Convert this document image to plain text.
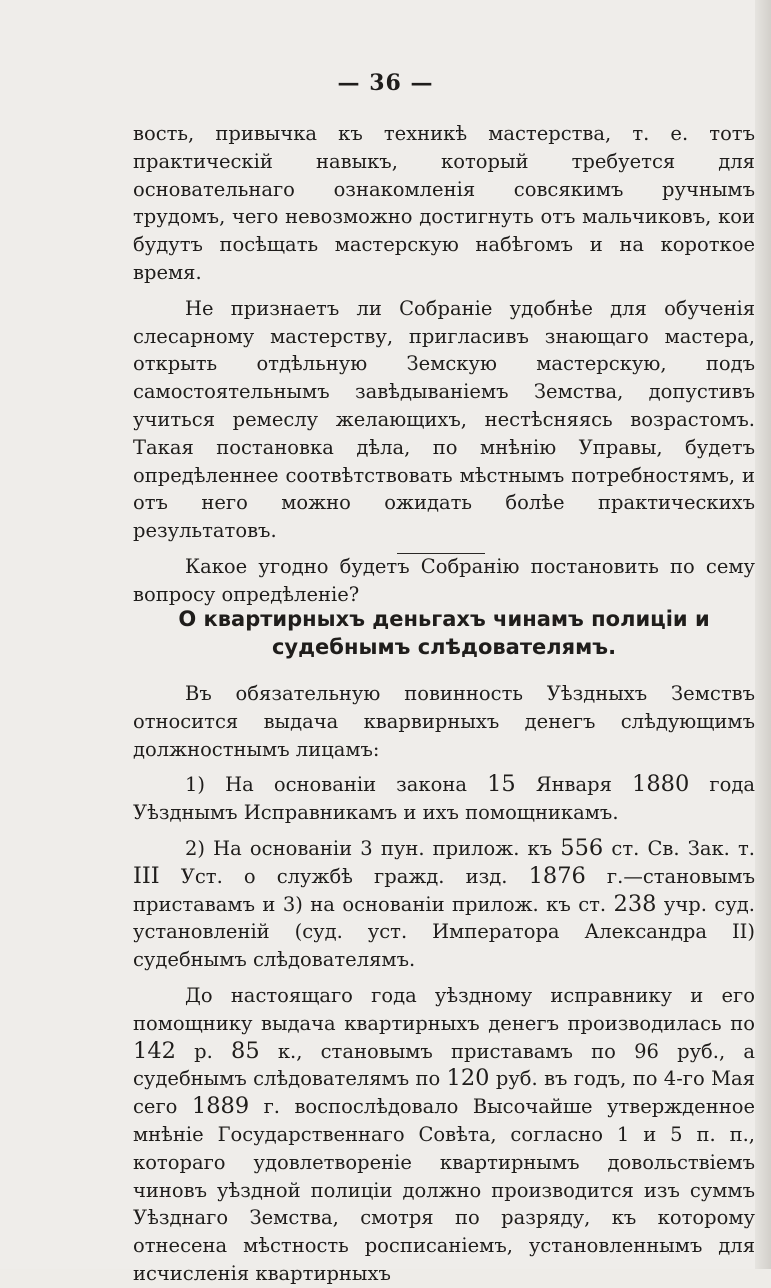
— 36 —

вость, привычка къ техникѣ мастерства, т. е. тотъ практическій навыкъ, который требуется для основательнаго ознакомленія совсякимъ ручнымъ трудомъ, чего невозможно достигнуть отъ мальчиковъ, кои будутъ посѣщать мастерскую набѣгомъ и на короткое время.

Не признаетъ ли Собраніе удобнѣе для обученія слесарному мастерству, пригласивъ знающаго мастера, открыть отдѣльную Земскую мастерскую, подъ самостоятельнымъ завѣдываніемъ Земства, допустивъ учиться ремеслу желающихъ, нестѣсняясь возрастомъ. Такая постановка дѣла, по мнѣнію Управы, будетъ опредѣленнее соотвѣтствовать мѣстнымъ потребностямъ, и отъ него можно ожидать болѣе практическихъ результатовъ.

Какое угодно будетъ Собранію постановить по сему вопросу опредѣленіе?

О квартирныхъ деньгахъ чинамъ полиціи и судебнымъ слѣдователямъ.

Въ обязательную повинность Уѣздныхъ Земствъ относится выдача кварвирныхъ денегъ слѣдующимъ должностнымъ лицамъ:

1) На основаніи закона 15 Января 1880 года Уѣзднымъ Исправникамъ и ихъ помощникамъ.

2) На основаніи 3 пун. прилож. къ 556 ст. Св. Зак. т. III Уст. о службѣ гражд. изд. 1876 г.—становымъ приставамъ и 3) на основаніи прилож. къ ст. 238 учр. суд. установленій (суд. уст. Императора Александра II) судебнымъ слѣдователямъ.

До настоящаго года уѣздному исправнику и его помощнику выдача квартирныхъ денегъ производилась по 142 р. 85 к., становымъ приставамъ по 96 руб., а судебнымъ слѣдователямъ по 120 руб. въ годъ, по 4-го Мая сего 1889 г. воспослѣдовало Высочайше утвержденное мнѣніе Государственнаго Совѣта, согласно 1 и 5 п. п., котораго удовлетвореніе квартирнымъ довольствіемъ чиновъ уѣздной полиціи должно производится изъ суммъ Уѣзднаго Земства, смотря по разряду, къ которому отнесена мѣстность росписаніемъ, установленнымъ для исчисленія квартирныхъ
